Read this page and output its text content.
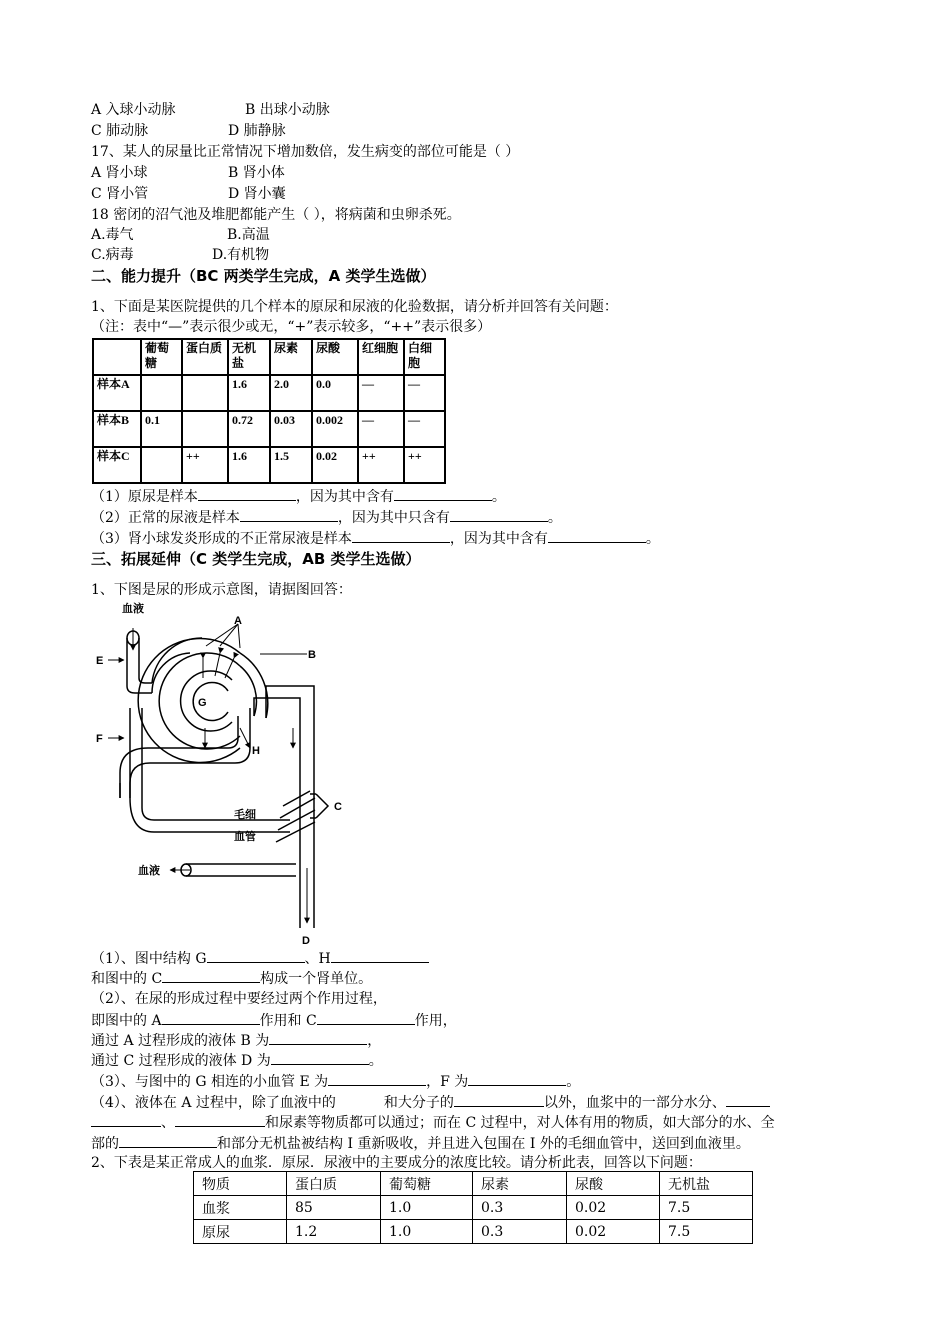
A 入球小动脉	B 出球小动脉
C 肺动脉	D 肺静脉
17、某人的尿量比正常情况下增加数倍，发生病变的部位可能是（ ）
A 肾小球	B 肾小体
C 肾小管	D 肾小囊
18 密闭的沼气池及堆肥都能产生（ ），将病菌和虫卵杀死。
A.毒气	B.高温
C.病毒	D.有机物
二、能力提升（BC 两类学生完成，A 类学生选做）
1、下面是某医院提供的几个样本的原尿和尿液的化验数据，请分析并回答有关问题：
（注：表中“—”表示很少或无，“+”表示较多，“++”表示很多）
	葡萄糖	蛋白质	无机盐	尿素	尿酸	红细胞	白细胞
样本A			1.6	2.0	0.0	—	—
样本B	0.1		0.72	0.03	0.002	—	—
样本C		++	1.6	1.5	0.02	++	++
（1）原尿是样本	，因为其中含有	。
（2）正常的尿液是样本	，因为其中只含有	。
（3）肾小球发炎形成的不正常尿液是样本	，因为其中含有	。
三、拓展延伸（C 类学生完成，AB 类学生选做）
1、下图是尿的形成示意图，请据图回答：
血液
E
F
A
B
G
H
C
毛细
血管
血液
D
（1）、图中结构 G	、H
和图中的 C	构成一个肾单位。
（2）、在尿的形成过程中要经过两个作用过程，
即图中的 A	作用和 C	作用，
通过 A 过程形成的液体 B 为	，
通过 C 过程形成的液体 D 为	。
（3）、与图中的 G 相连的小血管 E 为	，F 为	。
（4）、液体在 A 过程中，除了血液中的	和大分子的	以外，血浆中的一部分水分、
、	和尿素等物质都可以通过；而在 C 过程中，对人体有用的物质，如大部分的水、全
部的	和部分无机盐被结构 I 重新吸收，并且进入包围在 I 外的毛细血管中，送回到血液里。
2、下表是某正常成人的血浆．原尿．尿液中的主要成分的浓度比较。请分析此表，回答以下问题：
物质	蛋白质	葡萄糖	尿素	尿酸	无机盐
血浆	85	1.0	0.3	0.02	7.5
原尿	1.2	1.0	0.3	0.02	7.5
